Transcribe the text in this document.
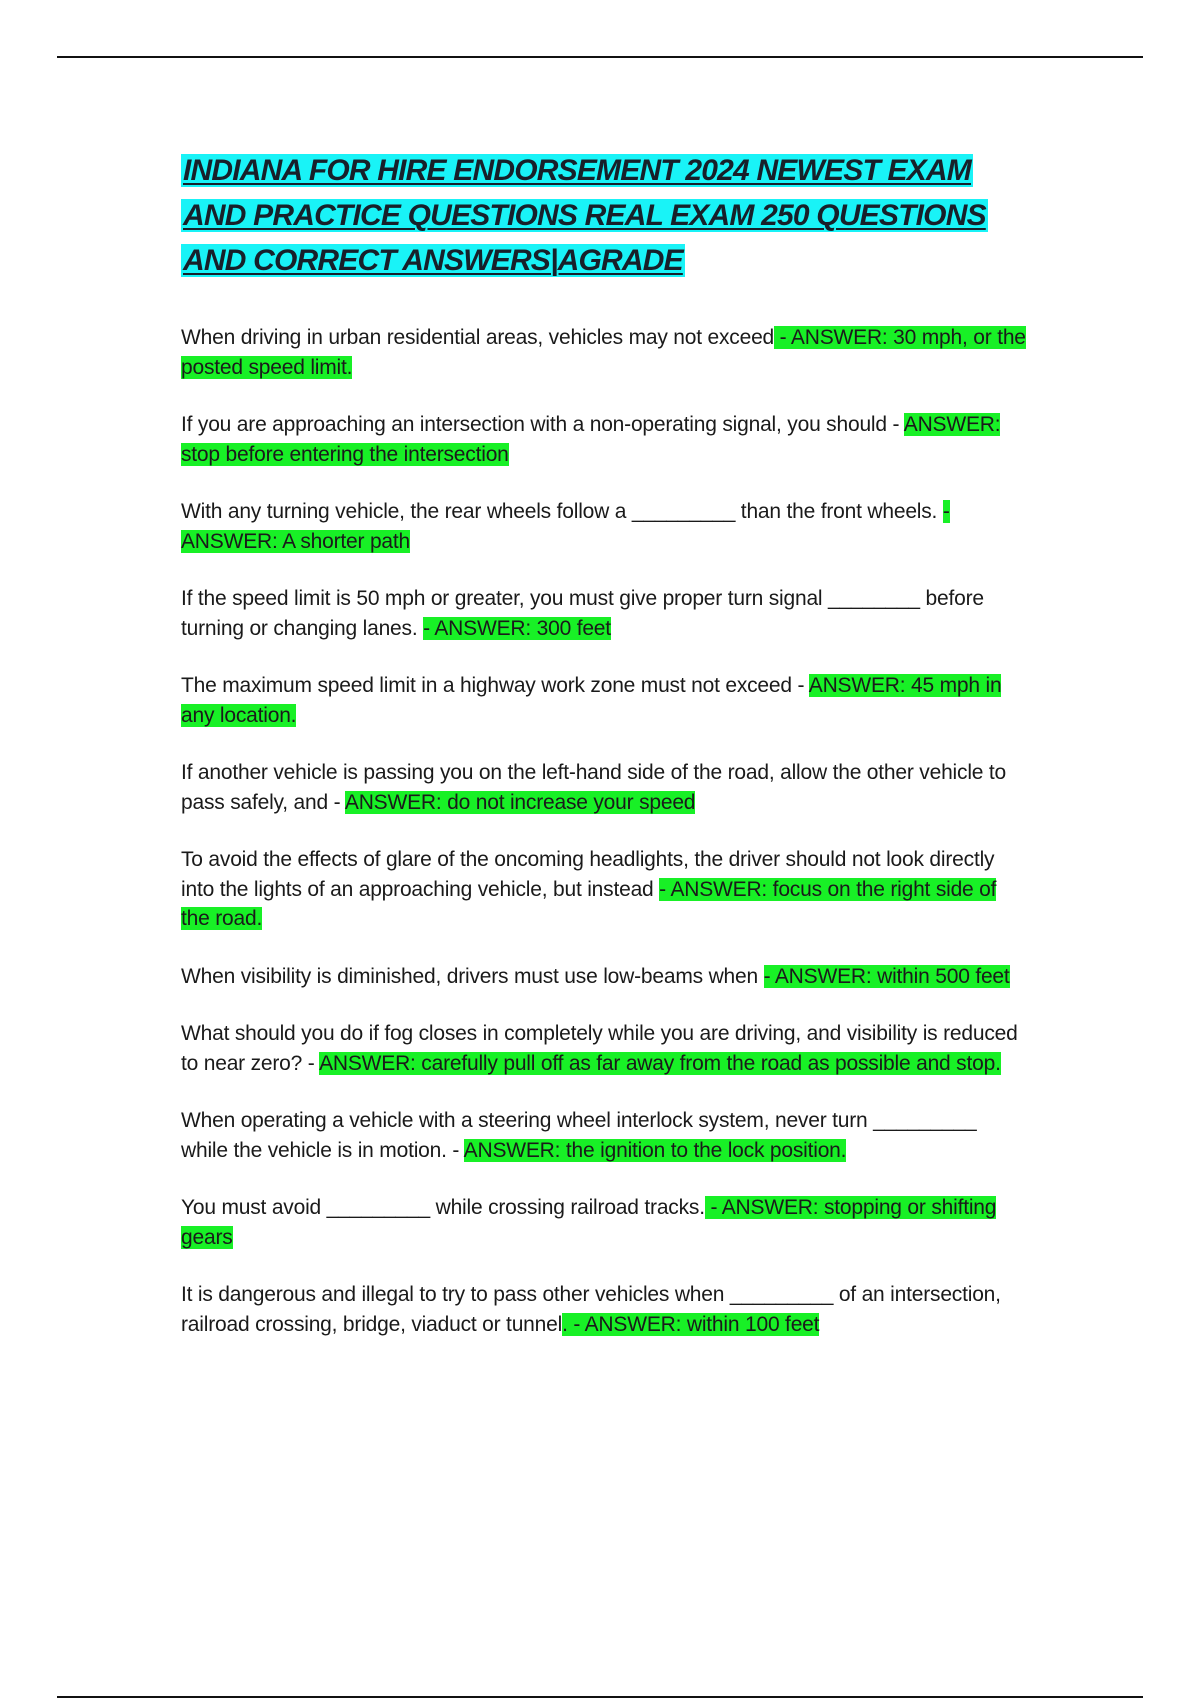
INDIANA FOR HIRE ENDORSEMENT 2024 NEWEST EXAM AND PRACTICE QUESTIONS REAL EXAM 250 QUESTIONS AND CORRECT ANSWERS|AGRADE

When driving in urban residential areas, vehicles may not exceed - ANSWER: 30 mph, or the posted speed limit.

If you are approaching an intersection with a non-operating signal, you should - ANSWER: stop before entering the intersection

With any turning vehicle, the rear wheels follow a _________ than the front wheels. - ANSWER: A shorter path

If the speed limit is 50 mph or greater, you must give proper turn signal ________ before turning or changing lanes. - ANSWER: 300 feet

The maximum speed limit in a highway work zone must not exceed - ANSWER: 45 mph in any location.

If another vehicle is passing you on the left-hand side of the road, allow the other vehicle to pass safely, and - ANSWER: do not increase your speed

To avoid the effects of glare of the oncoming headlights, the driver should not look directly into the lights of an approaching vehicle, but instead - ANSWER: focus on the right side of the road.

When visibility is diminished, drivers must use low-beams when - ANSWER: within 500 feet

What should you do if fog closes in completely while you are driving, and visibility is reduced to near zero? - ANSWER: carefully pull off as far away from the road as possible and stop.

When operating a vehicle with a steering wheel interlock system, never turn _________ while the vehicle is in motion. - ANSWER: the ignition to the lock position.

You must avoid _________ while crossing railroad tracks. - ANSWER: stopping or shifting gears

It is dangerous and illegal to try to pass other vehicles when _________ of an intersection, railroad crossing, bridge, viaduct or tunnel. - ANSWER: within 100 feet
